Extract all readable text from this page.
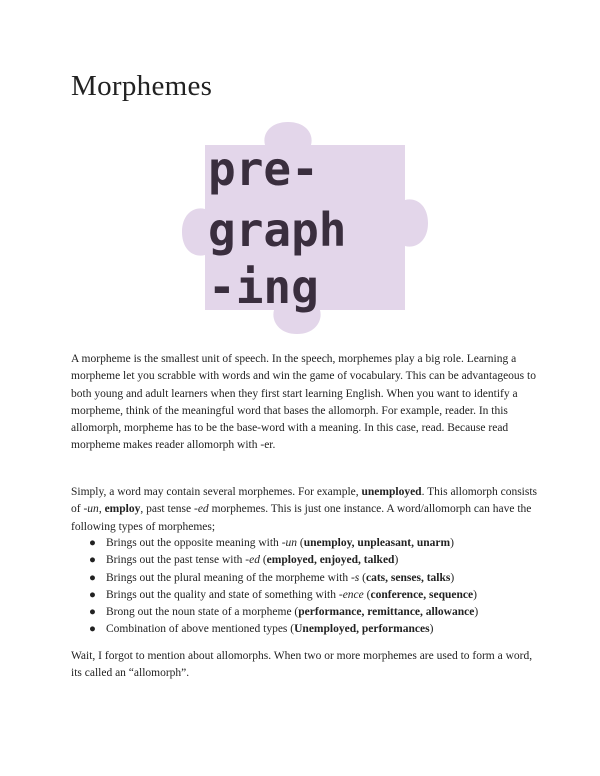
Morphemes
pre-
graph
-ing

A morpheme is the smallest unit of speech. In the speech, morphemes play a big role. Learning a morpheme let you scrabble with words and win the game of vocabulary. This can be advantageous to both young and adult learners when they first start learning English. When you want to identify a morpheme, think of the meaningful word that bases the allomorph. For example, reader. In this allomorph, morpheme has to be the base-word with a meaning. In this case, read. Because read morpheme makes reader allomorph with -er.

Simply, a word may contain several morphemes. For example, unemployed. This allomorph consists of -un, employ, past tense -ed morphemes. This is just one instance. A word/allomorph can have the following types of morphemes;

● Brings out the opposite meaning with -un (unemploy, unpleasant, unarm)
● Brings out the past tense with -ed (employed, enjoyed, talked)
● Brings out the plural meaning of the morpheme with -s (cats, senses, talks)
● Brings out the quality and state of something with -ence (conference, sequence)
● Brong out the noun state of a morpheme (performance, remittance, allowance)
● Combination of above mentioned types (Unemployed, performances)

Wait, I forgot to mention about allomorphs. When two or more morphemes are used to form a word, its called an “allomorph”.
